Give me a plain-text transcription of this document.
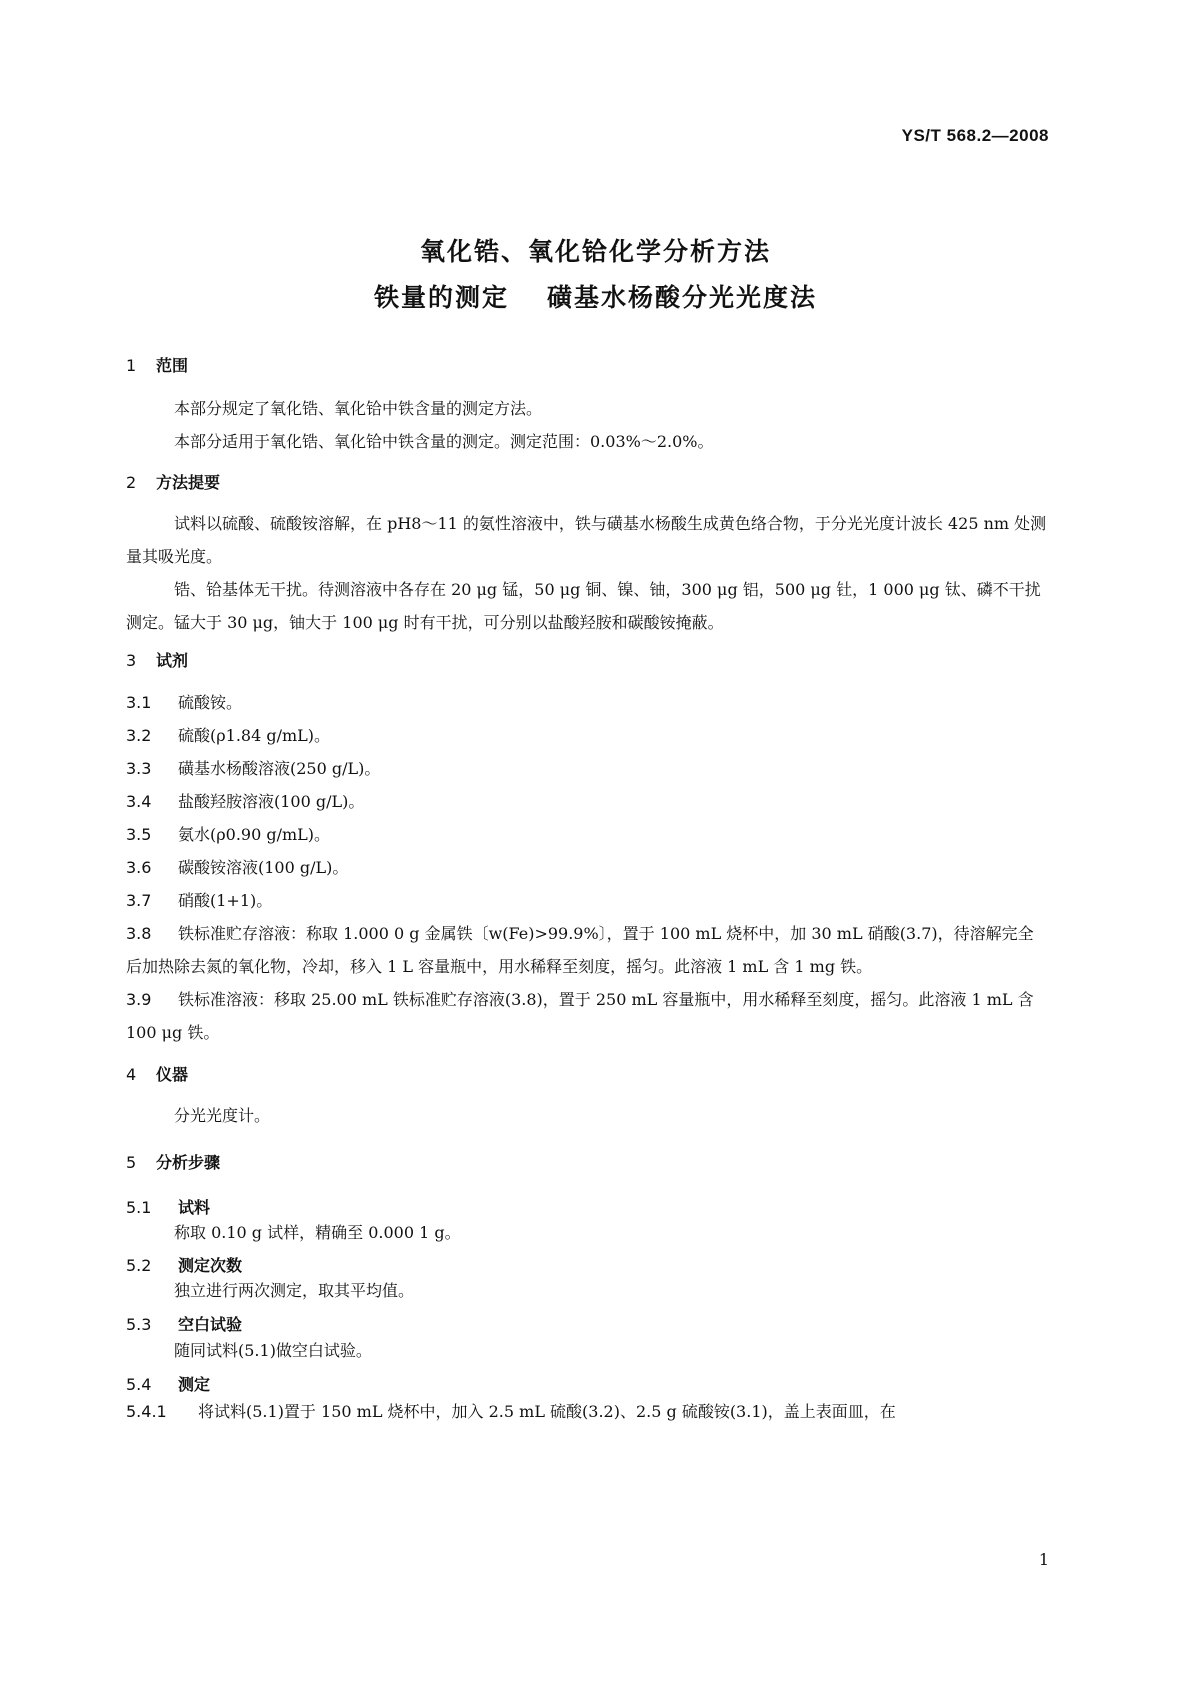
YS/T 568.2—2008
氧化锆、氧化铪化学分析方法
铁量的测定 磺基水杨酸分光光度法
1 范围
本部分规定了氧化锆、氧化铪中铁含量的测定方法。
本部分适用于氧化锆、氧化铪中铁含量的测定。测定范围：0.03%～2.0%。
2 方法提要
试料以硫酸、硫酸铵溶解，在 pH8～11 的氨性溶液中，铁与磺基水杨酸生成黄色络合物，于分光光度计波长 425 nm 处测量其吸光度。
锆、铪基体无干扰。待测溶液中各存在 20 μg 锰，50 μg 铜、镍、铀，300 μg 铝，500 μg 钍，1 000 μg 钛、磷不干扰测定。锰大于 30 μg，铀大于 100 μg 时有干扰，可分别以盐酸羟胺和碳酸铵掩蔽。
3 试剂
3.1 硫酸铵。
3.2 硫酸(ρ1.84 g/mL)。
3.3 磺基水杨酸溶液(250 g/L)。
3.4 盐酸羟胺溶液(100 g/L)。
3.5 氨水(ρ0.90 g/mL)。
3.6 碳酸铵溶液(100 g/L)。
3.7 硝酸(1+1)。
3.8 铁标准贮存溶液：称取 1.000 0 g 金属铁〔w(Fe)>99.9%〕，置于 100 mL 烧杯中，加 30 mL 硝酸(3.7)，待溶解完全后加热除去氮的氧化物，冷却，移入 1 L 容量瓶中，用水稀释至刻度，摇匀。此溶液 1 mL 含 1 mg 铁。
3.9 铁标准溶液：移取 25.00 mL 铁标准贮存溶液(3.8)，置于 250 mL 容量瓶中，用水稀释至刻度，摇匀。此溶液 1 mL 含 100 μg 铁。
4 仪器
分光光度计。
5 分析步骤
5.1 试料
称取 0.10 g 试样，精确至 0.000 1 g。
5.2 测定次数
独立进行两次测定，取其平均值。
5.3 空白试验
随同试料(5.1)做空白试验。
5.4 测定
5.4.1 将试料(5.1)置于 150 mL 烧杯中，加入 2.5 mL 硫酸(3.2)、2.5 g 硫酸铵(3.1)，盖上表面皿，在
1
